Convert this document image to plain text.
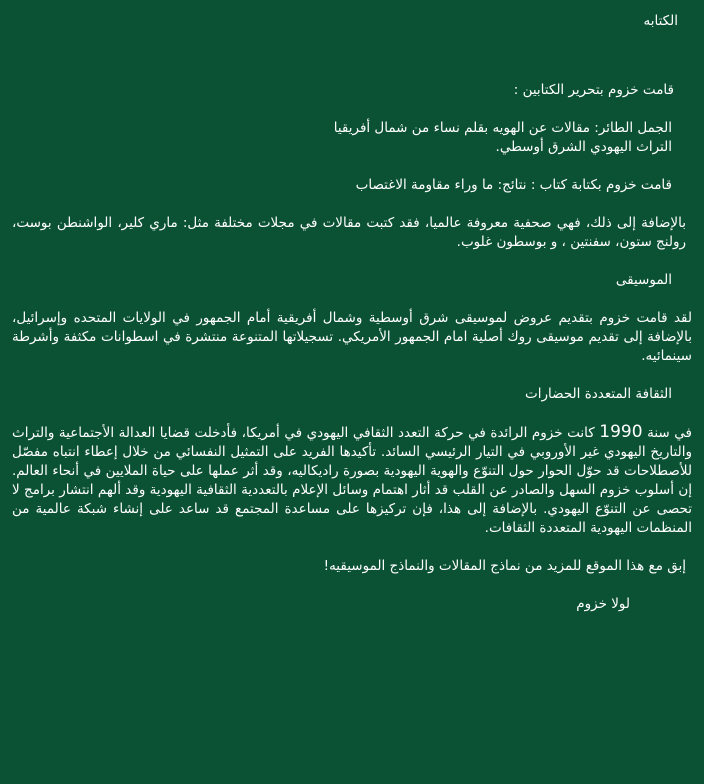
الكتابه

قامت خزوم بتحرير الكتابين :

الجمل الطائر: مقالات عن الهويه بقلم نساء من شمال أفريقيا

التراث اليهودي الشرق أوسطي.

قامت خزوم بكتابة كتاب : نتائج: ما وراء مقاومة الاغتصاب

بالإضافة إلى ذلك، فهي صحفية معروفة عالميا، فقد كتبت مقالات في مجلات مختلفة مثل: ماري كلير، الواشنطن بوست، رولنج ستون، سفنتين ، و بوسطون غلوب.

الموسيقى

لقد قامت خزوم بتقديم عروض لموسيقى شرق أوسطية وشمال أفريقية أمام الجمهور في الولايات المتحده وإسرائيل، بالإضافة إلى تقديم موسيقى روك أصلية امام الجمهور الأمريكي. تسجيلاتها المتنوعة منتشرة في اسطوانات مكثفة وأشرطة سينمائيه.

الثقافة المتعددة الحضارات

في سنة 1990 كانت خزوم الرائدة في حركة التعدد الثقافي اليهودي في أمريكا، فأدخلت قضايا العدالة الأجتماعية والتراث والتاريخ اليهودي غير الأوروبي في التيار الرئيسي السائد. تأكيدها الفريد على التمثيل النفسائي من خلال إعطاء انتباه مفصّل للأصطلاحات قد حوّل الحوار حول التنوّع والهوية اليهودية بصورة راديكاليه، وقد أثر عملها على حياة الملايين في أنحاء العالم. إن أسلوب خزوم السهل والصادر عن القلب قد أثار اهتمام وسائل الإعلام بالتعددية الثقافية اليهودية وقد ألهم انتشار برامج لا تحصى عن التنوّع اليهودي. بالإضافة إلى هذا، فإن تركيزها على مساعدة المجتمع قد ساعد على إنشاء شبكة عالمية من المنظمات اليهودية المتعددة الثقافات.

إبق مع هذا الموقع للمزيد من نماذج المقالات والنماذج الموسيقيه!

لولا خزوم
